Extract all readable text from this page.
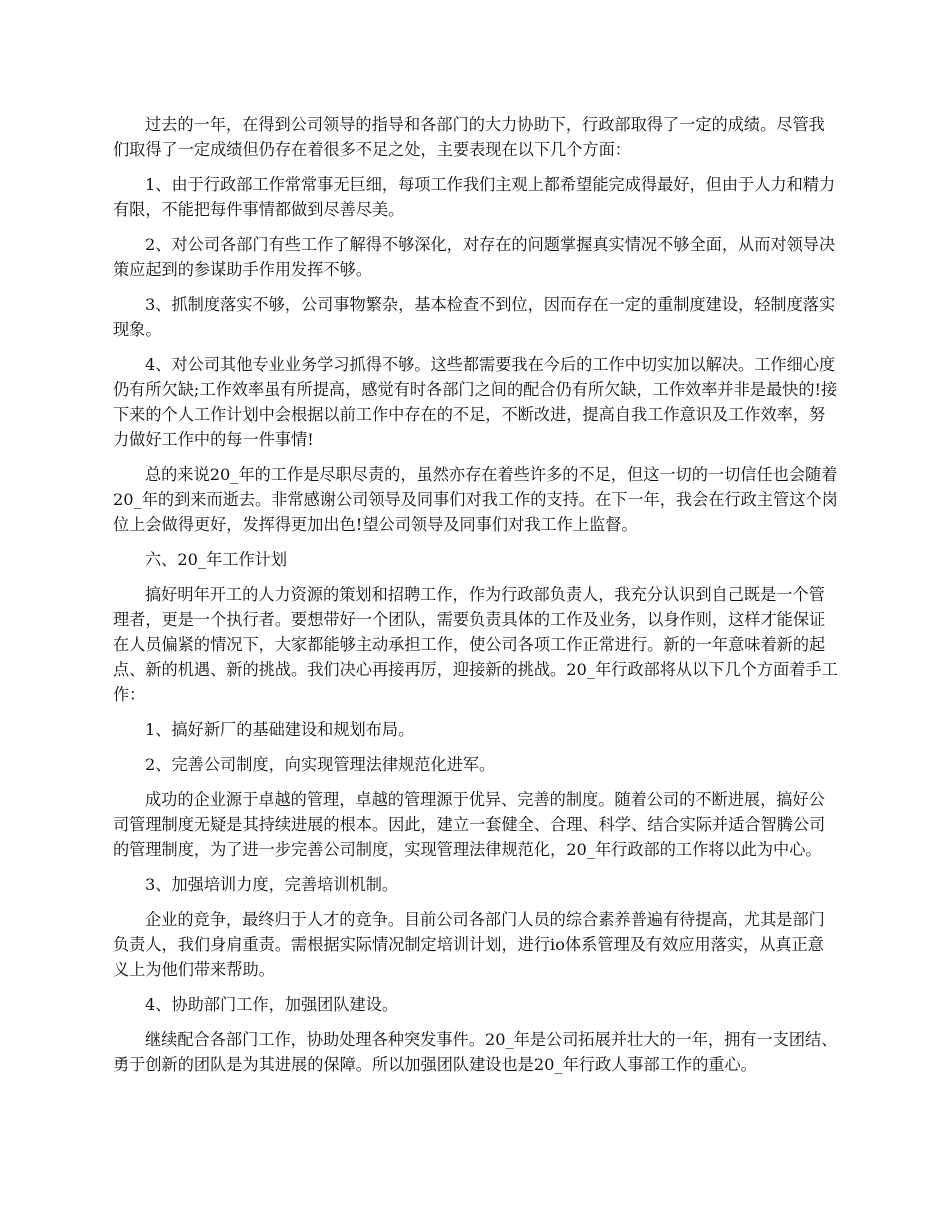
过去的一年，在得到公司领导的指导和各部门的大力协助下，行政部取得了一定的成绩。尽管我们取得了一定成绩但仍存在着很多不足之处，主要表现在以下几个方面：

1、由于行政部工作常常事无巨细，每项工作我们主观上都希望能完成得最好，但由于人力和精力有限，不能把每件事情都做到尽善尽美。

2、对公司各部门有些工作了解得不够深化，对存在的问题掌握真实情况不够全面，从而对领导决策应起到的参谋助手作用发挥不够。

3、抓制度落实不够，公司事物繁杂，基本检查不到位，因而存在一定的重制度建设，轻制度落实现象。

4、对公司其他专业业务学习抓得不够。这些都需要我在今后的工作中切实加以解决。工作细心度仍有所欠缺;工作效率虽有所提高，感觉有时各部门之间的配合仍有所欠缺，工作效率并非是最快的!接下来的个人工作计划中会根据以前工作中存在的不足，不断改进，提高自我工作意识及工作效率，努力做好工作中的每一件事情!

总的来说20_年的工作是尽职尽责的，虽然亦存在着些许多的不足，但这一切的一切信任也会随着20_年的到来而逝去。非常感谢公司领导及同事们对我工作的支持。在下一年，我会在行政主管这个岗位上会做得更好，发挥得更加出色!望公司领导及同事们对我工作上监督。

六、20_年工作计划

搞好明年开工的人力资源的策划和招聘工作，作为行政部负责人，我充分认识到自己既是一个管理者，更是一个执行者。要想带好一个团队，需要负责具体的工作及业务，以身作则，这样才能保证在人员偏紧的情况下，大家都能够主动承担工作，使公司各项工作正常进行。新的一年意味着新的起点、新的机遇、新的挑战。我们决心再接再厉，迎接新的挑战。20_年行政部将从以下几个方面着手工作：

1、搞好新厂的基础建设和规划布局。

2、完善公司制度，向实现管理法律规范化进军。

成功的企业源于卓越的管理，卓越的管理源于优异、完善的制度。随着公司的不断进展，搞好公司管理制度无疑是其持续进展的根本。因此，建立一套健全、合理、科学、结合实际并适合智腾公司的管理制度，为了进一步完善公司制度，实现管理法律规范化，20_年行政部的工作将以此为中心。

3、加强培训力度，完善培训机制。

企业的竞争，最终归于人才的竞争。目前公司各部门人员的综合素养普遍有待提高，尤其是部门负责人，我们身肩重责。需根据实际情况制定培训计划，进行io体系管理及有效应用落实，从真正意义上为他们带来帮助。

4、协助部门工作，加强团队建设。

继续配合各部门工作，协助处理各种突发事件。20_年是公司拓展并壮大的一年，拥有一支团结、勇于创新的团队是为其进展的保障。所以加强团队建设也是20_年行政人事部工作的重心。
